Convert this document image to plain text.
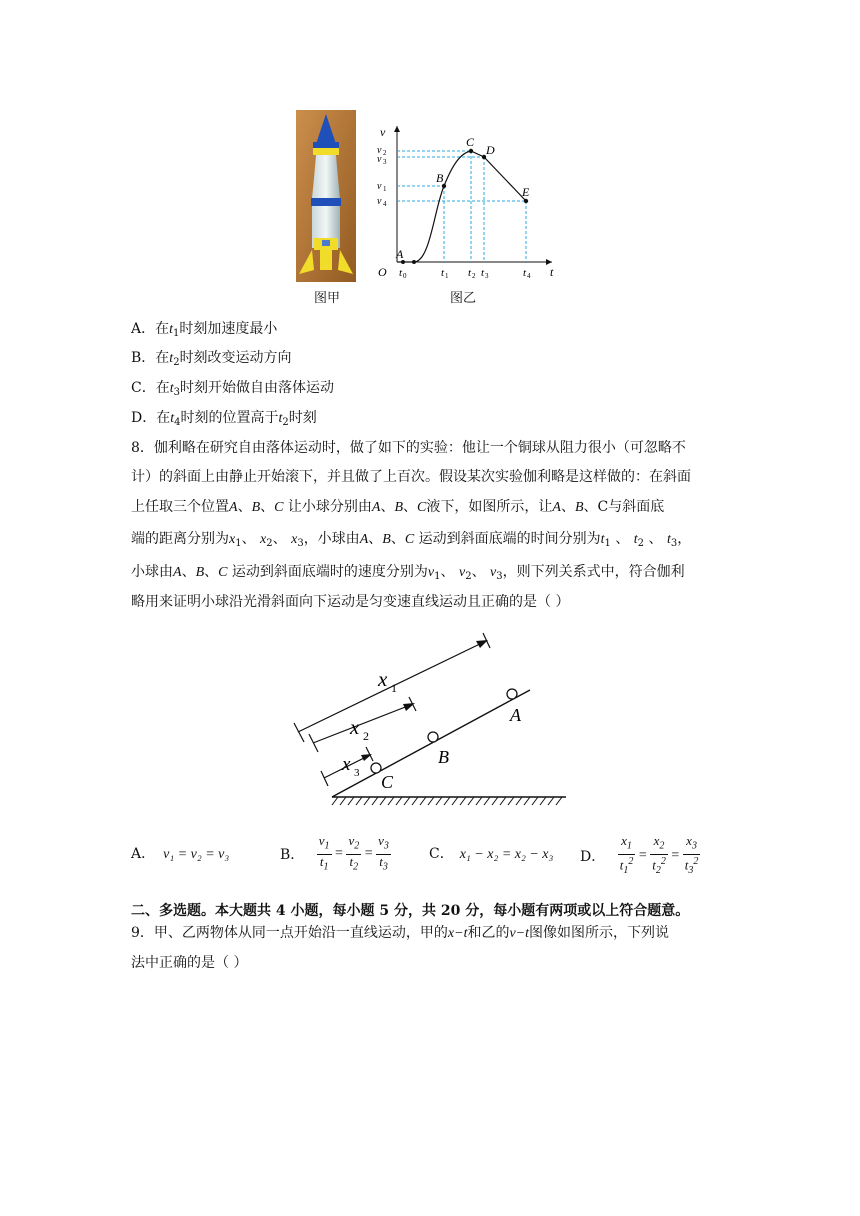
图甲
v
t
O
A
B
C
D
E
v 2
v 3
v 1
v 4
t 0	t 1 t 2 t 3	t 4
图乙
A．在$t_1$时刻加速度最小
B．在$t_2$时刻改变运动方向
C．在$t_3$时刻开始做自由落体运动
D．在$t_4$时刻的位置高于$t_2$时刻
8．伽利略在研究自由落体运动时，做了如下的实验：他让一个铜球从阻力很小（可忽略不
计）的斜面上由静止开始滚下，并且做了上百次。假设某次实验伽利略是这样做的：在斜面
上任取三个位置A、B、C 让小球分别由A、B、C液下，如图所示，让A、B、C与斜面底
端的距离分别为$x_1$、 $x_2$、 $x_3$，小球由A、B、C 运动到斜面底端的时间分别为$t_1$ 、 $t_2$ 、 $t_3$，
小球由A、B、C 运动到斜面底端时的速度分别为$v_1$、 $v_2$、 $v_3$，则下列关系式中，符合伽利
略用来证明小球沿光滑斜面向下运动是匀变速直线运动且正确的是（ ）
C
B
A
x 1
x 2
x 3
A． v₁ = v₂ = v₃	B． $\frac{v_1}{t_1} = \frac{v_2}{t_2} = \frac{v_3}{t_3}$	C． x₁ − x₂ = x₂ − x₃ D． $\frac{x_1}{t_1^2} = \frac{x_2}{t_2^2} = \frac{x_3}{t_3^2}$
二、多选题。本大题共 4 小题，每小题 5 分，共 20 分，每小题有两项或以上符合题意。
9．甲、乙两物体从同一点开始沿一直线运动，甲的x−t和乙的v−t图像如图所示，下列说
法中正确的是（ ）
